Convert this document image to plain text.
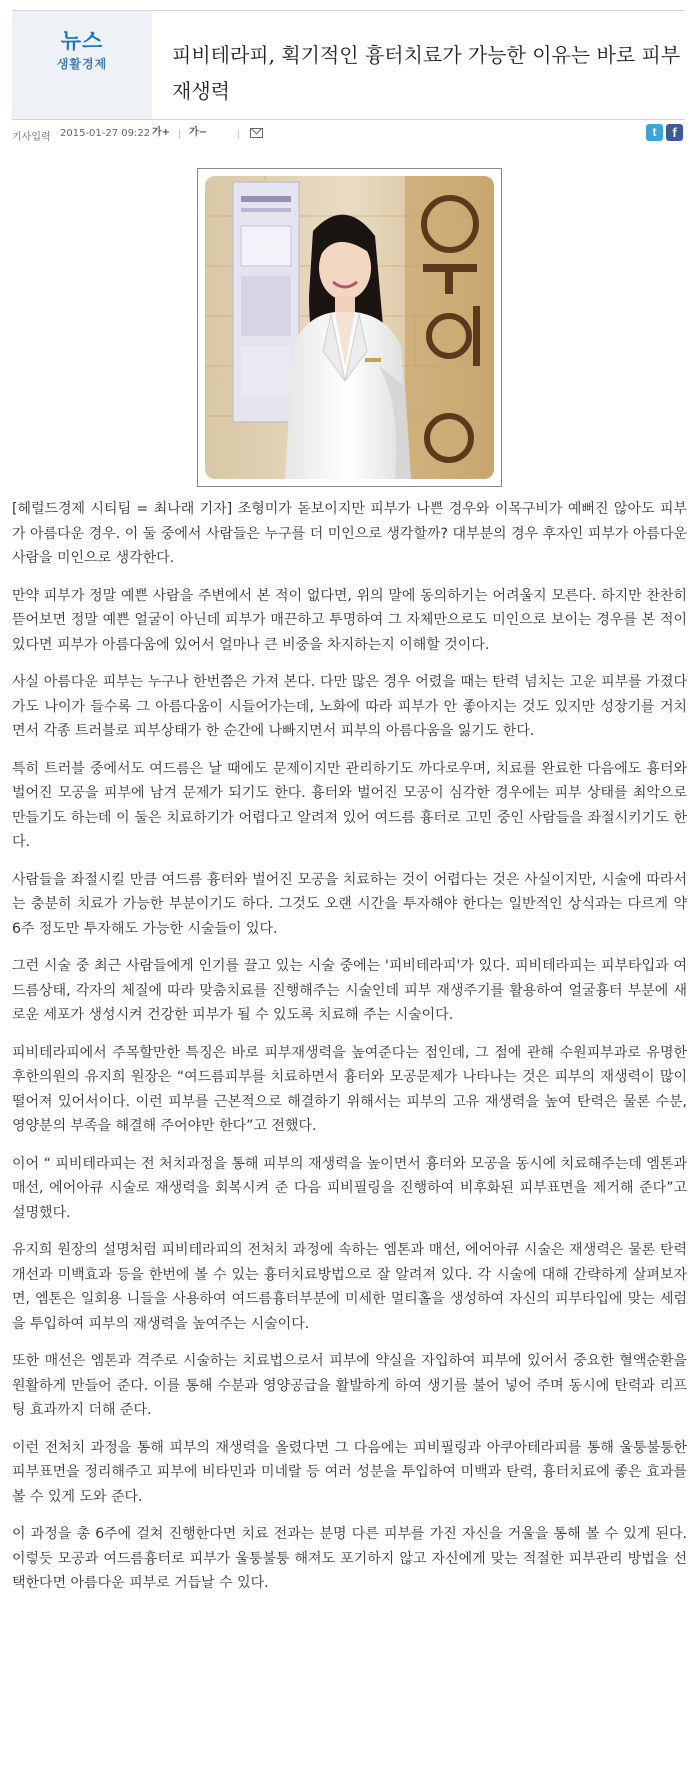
뉴스
생활경제	피비테라피, 획기적인 흉터치료가 가능한 이유는 바로 피부재생력
기사입력 2015-01-27 09:22 가+	가−	t	f

[헤럴드경제 시티팀 = 최나래 기자] 조형미가 돋보이지만 피부가 나쁜 경우와 이목구비가 예뻐진 않아도 피부가 아름다운 경우. 이 둘 중에서 사람들은 누구를 더 미인으로 생각할까? 대부분의 경우 후자인 피부가 아름다운 사람을 미인으로 생각한다.

만약 피부가 정말 예쁜 사람을 주변에서 본 적이 없다면, 위의 말에 동의하기는 어려울지 모른다. 하지만 찬찬히 뜯어보면 정말 예쁜 얼굴이 아닌데 피부가 매끈하고 투명하여 그 자체만으로도 미인으로 보이는 경우를 본 적이 있다면 피부가 아름다움에 있어서 얼마나 큰 비중을 차지하는지 이해할 것이다.

사실 아름다운 피부는 누구나 한번쯤은 가져 본다. 다만 많은 경우 어렸을 때는 탄력 넘치는 고운 피부를 가졌다가도 나이가 들수록 그 아름다움이 시들어가는데, 노화에 따라 피부가 안 좋아지는 것도 있지만 성장기를 거치면서 각종 트러블로 피부상태가 한 순간에 나빠지면서 피부의 아름다움을 잃기도 한다.

특히 트러블 중에서도 여드름은 날 때에도 문제이지만 관리하기도 까다로우며, 치료를 완료한 다음에도 흉터와 벌어진 모공을 피부에 남겨 문제가 되기도 한다. 흉터와 벌어진 모공이 심각한 경우에는 피부 상태를 최악으로 만들기도 하는데 이 둘은 치료하기가 어렵다고 알려져 있어 여드름 흉터로 고민 중인 사람들을 좌절시키기도 한다.

사람들을 좌절시킬 만큼 여드름 흉터와 벌어진 모공을 치료하는 것이 어렵다는 것은 사실이지만, 시술에 따라서는 충분히 치료가 가능한 부분이기도 하다. 그것도 오랜 시간을 투자해야 한다는 일반적인 상식과는 다르게 약 6주 정도만 투자해도 가능한 시술들이 있다.

그런 시술 중 최근 사람들에게 인기를 끌고 있는 시술 중에는 '피비테라피'가 있다. 피비테라피는 피부타입과 여드름상태, 각자의 체질에 따라 맞춤치료를 진행해주는 시술인데 피부 재생주기를 활용하여 얼굴흉터 부분에 새로운 세포가 생성시켜 건강한 피부가 될 수 있도록 치료해 주는 시술이다.

피비테라피에서 주목할만한 특징은 바로 피부재생력을 높여준다는 점인데, 그 점에 관해 수원피부과로 유명한 후한의원의 유지희 원장은 “여드름피부를 치료하면서 흉터와 모공문제가 나타나는 것은 피부의 재생력이 많이 떨어져 있어서이다. 이런 피부를 근본적으로 해결하기 위해서는 피부의 고유 재생력을 높여 탄력은 물론 수분, 영양분의 부족을 해결해 주어야만 한다”고 전했다.

이어 “ 피비테라피는 전 처치과정을 통해 피부의 재생력을 높이면서 흉터와 모공을 동시에 치료해주는데 엠톤과 매선, 에어아큐 시술로 재생력을 회복시켜 준 다음 피비필링을 진행하여 비후화된 피부표면을 제거해 준다”고 설명했다.

유지희 원장의 설명처럼 피비테라피의 전처치 과정에 속하는 엠톤과 매선, 에어아큐 시술은 재생력은 물론 탄력개선과 미백효과 등을 한번에 볼 수 있는 흉터치료방법으로 잘 알려져 있다. 각 시술에 대해 간략하게 살펴보자면, 엠톤은 일회용 니들을 사용하여 여드름흉터부분에 미세한 멀티홀을 생성하여 자신의 피부타입에 맞는 세럼을 투입하여 피부의 재생력을 높여주는 시술이다.

또한 매선은 엠톤과 격주로 시술하는 치료법으로서 피부에 약실을 자입하여 피부에 있어서 중요한 혈액순환을 원활하게 만들어 준다. 이를 통해 수분과 영양공급을 활발하게 하여 생기를 불어 넣어 주며 동시에 탄력과 리프팅 효과까지 더해 준다.

이런 전처치 과정을 통해 피부의 재생력을 올렸다면 그 다음에는 피비필링과 아쿠아테라피를 통해 울퉁불퉁한 피부표면을 정리해주고 피부에 비타민과 미네랄 등 여러 성분을 투입하여 미백과 탄력, 흉터치료에 좋은 효과를 볼 수 있게 도와 준다.

이 과정을 총 6주에 걸쳐 진행한다면 치료 전과는 분명 다른 피부를 가진 자신을 거울을 통해 볼 수 있게 된다. 이렇듯 모공과 여드름흉터로 피부가 울퉁불퉁 해져도 포기하지 않고 자신에게 맞는 적절한 피부관리 방법을 선택한다면 아름다운 피부로 거듭날 수 있다.
